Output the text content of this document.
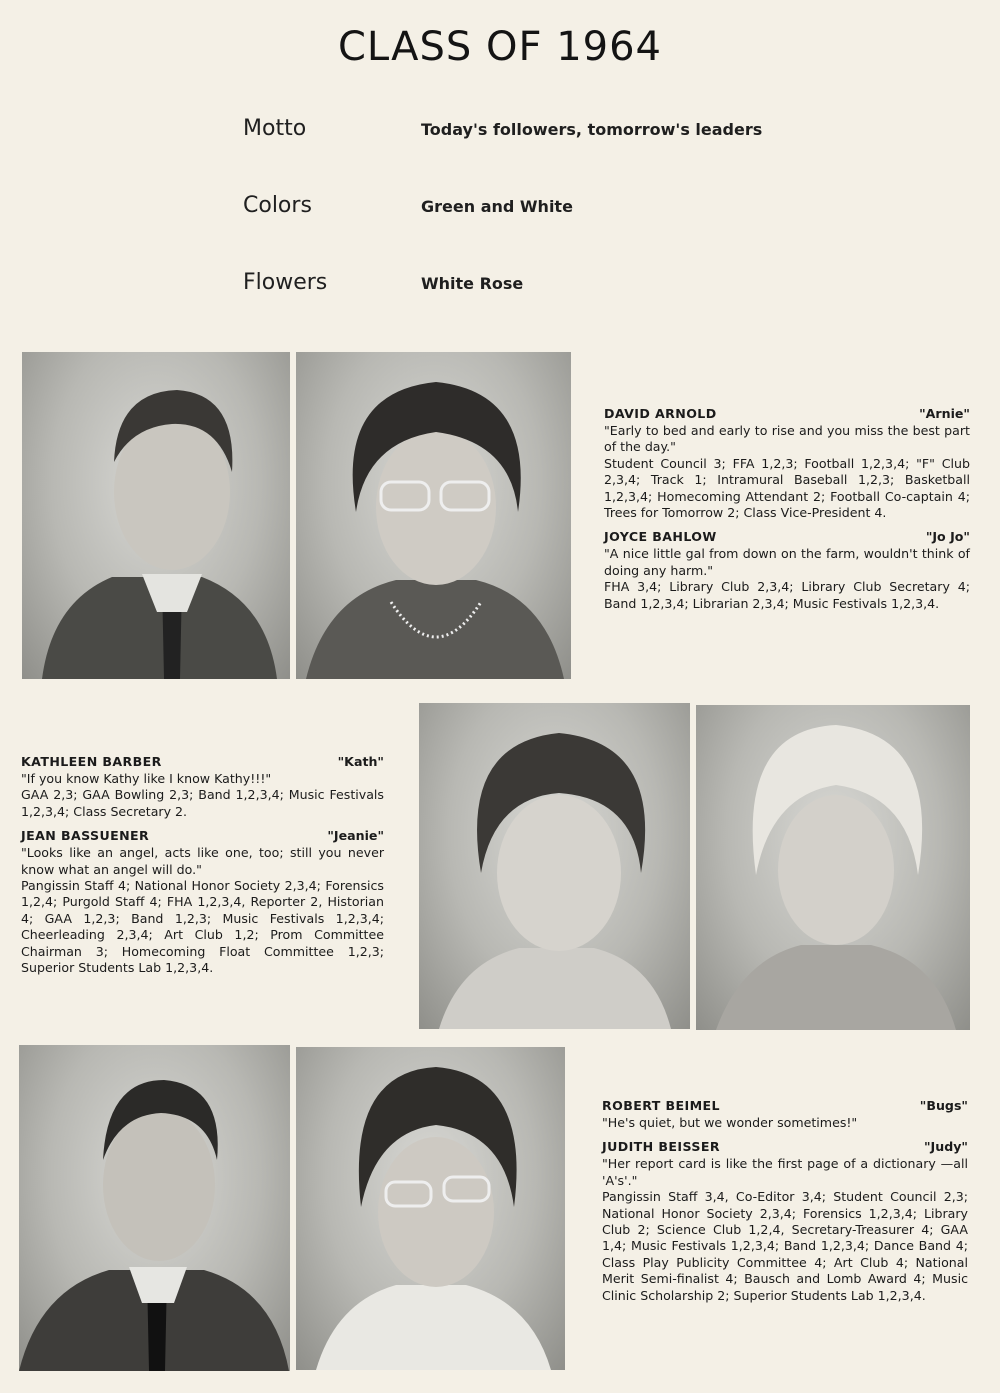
CLASS OF 1964
Motto	Today's followers, tomorrow's leaders
Colors	Green and White
Flowers	White Rose
DAVID ARNOLD	"Arnie"
"Early to bed and early to rise and you miss the best part of the day."
Student Council 3; FFA 1,2,3; Football 1,2,3,4; "F" Club 2,3,4; Track 1; Intramural Baseball 1,2,3; Basketball 1,2,3,4; Homecoming Attendant 2; Football Co-captain 4; Trees for Tomorrow 2; Class Vice-President 4.
JOYCE BAHLOW	"Jo Jo"
"A nice little gal from down on the farm, wouldn't think of doing any harm."
FHA 3,4; Library Club 2,3,4; Library Club Secretary 4; Band 1,2,3,4; Librarian 2,3,4; Music Festivals 1,2,3,4.
KATHLEEN BARBER	"Kath"
"If you know Kathy like I know Kathy!!!"
GAA 2,3; GAA Bowling 2,3; Band 1,2,3,4; Music Festivals 1,2,3,4; Class Secretary 2.
JEAN BASSUENER	"Jeanie"
"Looks like an angel, acts like one, too; still you never know what an angel will do."
Pangissin Staff 4; National Honor Society 2,3,4; Forensics 1,2,4; Purgold Staff 4; FHA 1,2,3,4, Reporter 2, Historian 4; GAA 1,2,3; Band 1,2,3; Music Festivals 1,2,3,4; Cheerleading 2,3,4; Art Club 1,2; Prom Committee Chairman 3; Homecoming Float Committee 1,2,3; Superior Students Lab 1,2,3,4.
ROBERT BEIMEL	"Bugs"
"He's quiet, but we wonder sometimes!"
JUDITH BEISSER	"Judy"
"Her report card is like the first page of a dictionary —all 'A's'."
Pangissin Staff 3,4, Co-Editor 3,4; Student Council 2,3; National Honor Society 2,3,4; Forensics 1,2,3,4; Library Club 2; Science Club 1,2,4, Secretary-Treasurer 4; GAA 1,4; Music Festivals 1,2,3,4; Band 1,2,3,4; Dance Band 4; Class Play Publicity Committee 4; Art Club 4; National Merit Semi-finalist 4; Bausch and Lomb Award 4; Music Clinic Scholarship 2; Superior Students Lab 1,2,3,4.
